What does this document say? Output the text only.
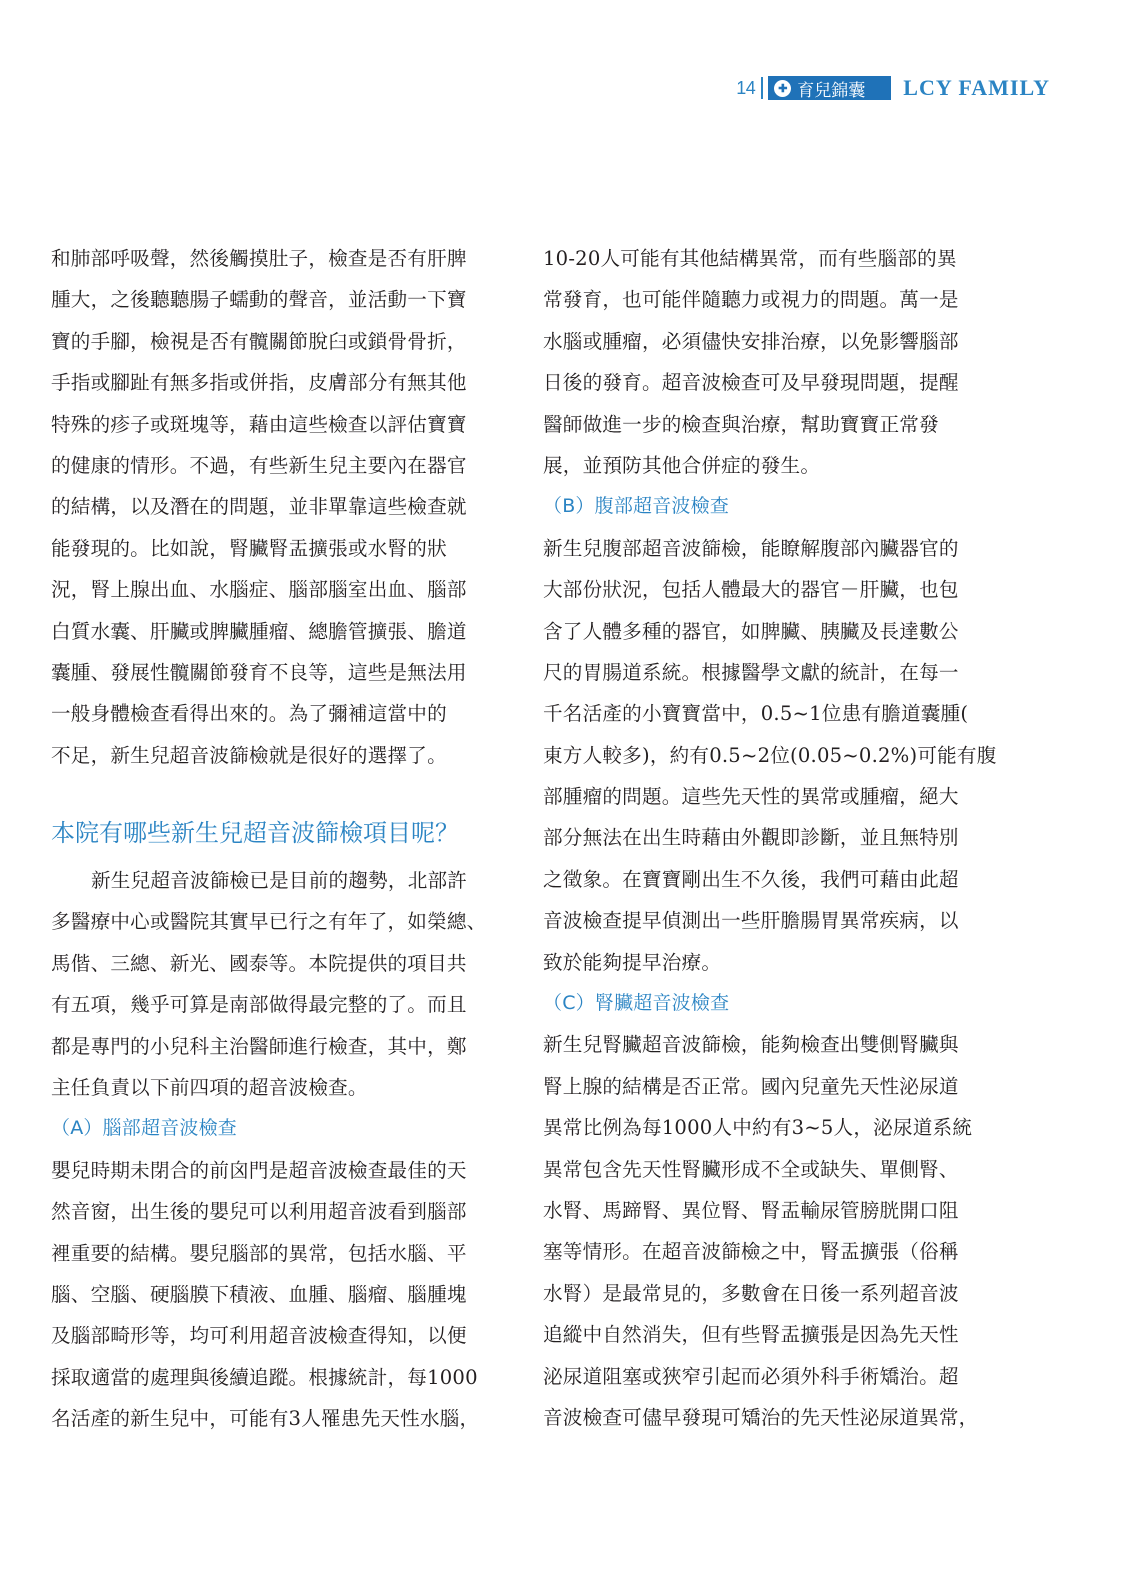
14	✚ 育兒錦囊 LCY FAMILY
和肺部呼吸聲，然後觸摸肚子，檢查是否有肝脾
腫大，之後聽聽腸子蠕動的聲音，並活動一下寶
寶的手腳，檢視是否有髖關節脫臼或鎖骨骨折，
手指或腳趾有無多指或併指，皮膚部分有無其他
特殊的疹子或斑塊等，藉由這些檢查以評估寶寶
的健康的情形。不過，有些新生兒主要內在器官
的結構，以及潛在的問題，並非單靠這些檢查就
能發現的。比如說，腎臟腎盂擴張或水腎的狀
況，腎上腺出血、水腦症、腦部腦室出血、腦部
白質水囊、肝臟或脾臟腫瘤、總膽管擴張、膽道
囊腫、發展性髖關節發育不良等，這些是無法用
一般身體檢查看得出來的。為了彌補這當中的
不足，新生兒超音波篩檢就是很好的選擇了。
本院有哪些新生兒超音波篩檢項目呢？
新生兒超音波篩檢已是目前的趨勢，北部許
多醫療中心或醫院其實早已行之有年了，如榮總、
馬偕、三總、新光、國泰等。本院提供的項目共
有五項，幾乎可算是南部做得最完整的了。而且
都是專門的小兒科主治醫師進行檢查，其中，鄭
主任負責以下前四項的超音波檢查。
（A）腦部超音波檢查
嬰兒時期未閉合的前囟門是超音波檢查最佳的天
然音窗，出生後的嬰兒可以利用超音波看到腦部
裡重要的結構。嬰兒腦部的異常，包括水腦、平
腦、空腦、硬腦膜下積液、血腫、腦瘤、腦腫塊
及腦部畸形等，均可利用超音波檢查得知，以便
採取適當的處理與後續追蹤。根據統計，每1000
名活產的新生兒中，可能有3人罹患先天性水腦，
10-20人可能有其他結構異常，而有些腦部的異
常發育，也可能伴隨聽力或視力的問題。萬一是
水腦或腫瘤，必須儘快安排治療，以免影響腦部
日後的發育。超音波檢查可及早發現問題，提醒
醫師做進一步的檢查與治療，幫助寶寶正常發
展，並預防其他合併症的發生。
（B）腹部超音波檢查
新生兒腹部超音波篩檢，能瞭解腹部內臟器官的
大部份狀況，包括人體最大的器官－肝臟，也包
含了人體多種的器官，如脾臟、胰臟及長達數公
尺的胃腸道系統。根據醫學文獻的統計，在每一
千名活產的小寶寶當中，0.5~1位患有膽道囊腫(
東方人較多)，約有0.5~2位(0.05~0.2%)可能有腹
部腫瘤的問題。這些先天性的異常或腫瘤，絕大
部分無法在出生時藉由外觀即診斷，並且無特別
之徵象。在寶寶剛出生不久後，我們可藉由此超
音波檢查提早偵測出一些肝膽腸胃異常疾病，以
致於能夠提早治療。
（C）腎臟超音波檢查
新生兒腎臟超音波篩檢，能夠檢查出雙側腎臟與
腎上腺的結構是否正常。國內兒童先天性泌尿道
異常比例為每1000人中約有3~5人，泌尿道系統
異常包含先天性腎臟形成不全或缺失、單側腎、
水腎、馬蹄腎、異位腎、腎盂輸尿管膀胱開口阻
塞等情形。在超音波篩檢之中，腎盂擴張（俗稱
水腎）是最常見的，多數會在日後一系列超音波
追縱中自然消失，但有些腎盂擴張是因為先天性
泌尿道阻塞或狹窄引起而必須外科手術矯治。超
音波檢查可儘早發現可矯治的先天性泌尿道異常，
